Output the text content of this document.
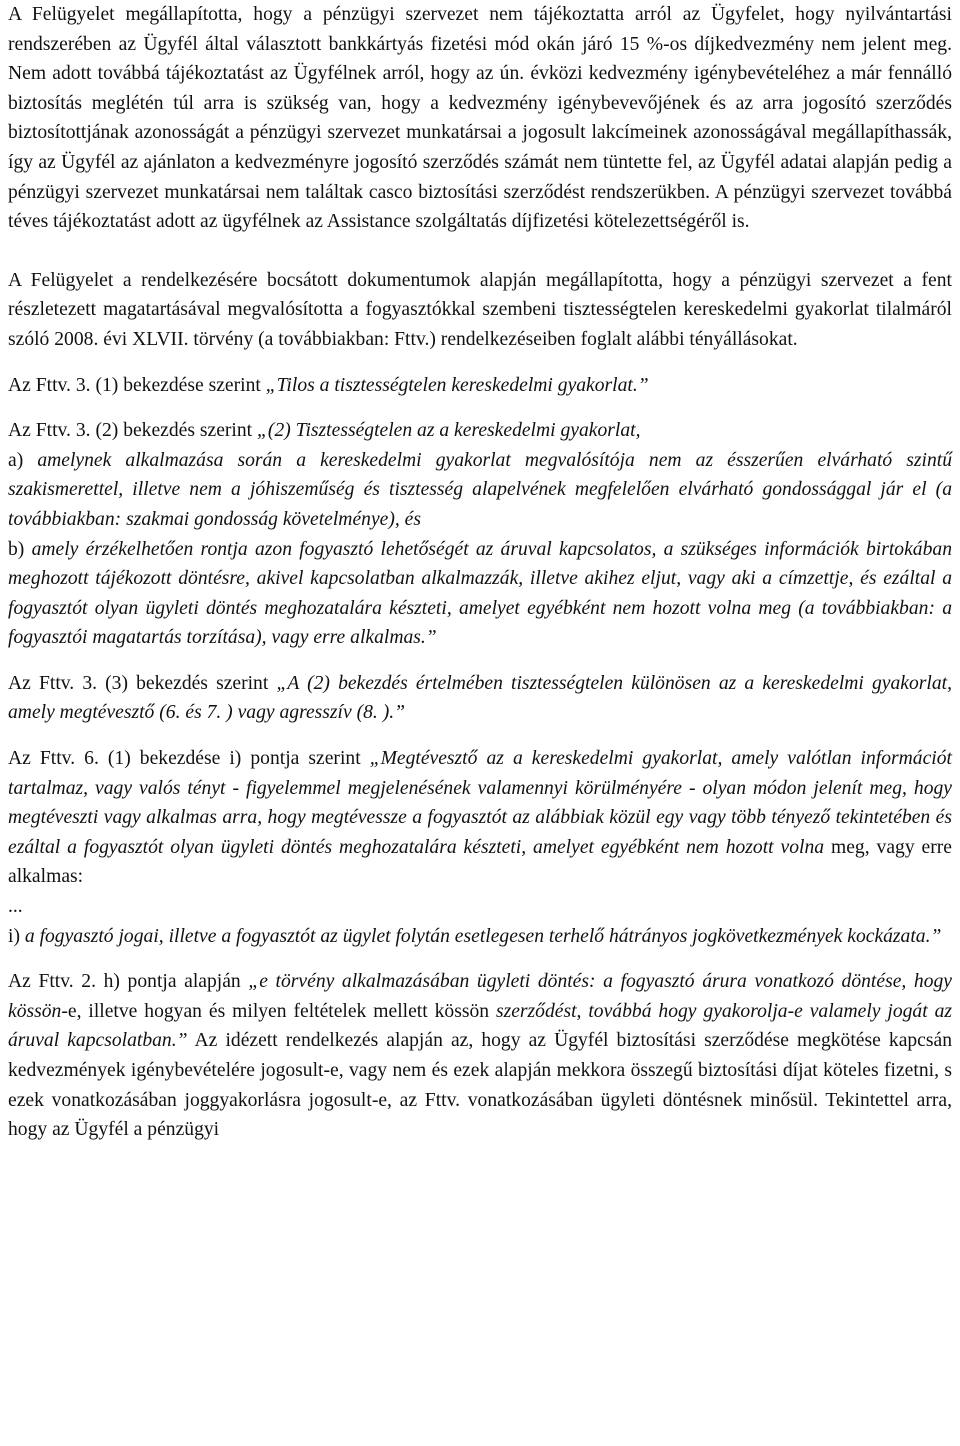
A Felügyelet megállapította, hogy a pénzügyi szervezet nem tájékoztatta arról az Ügyfelet, hogy nyilvántartási rendszerében az Ügyfél által választott bankkártyás fizetési mód okán járó 15 %-os díjkedvezmény nem jelent meg. Nem adott továbbá tájékoztatást az Ügyfélnek arról, hogy az ún. évközi kedvezmény igénybevételéhez a már fennálló biztosítás meglétén túl arra is szükség van, hogy a kedvezmény igénybevevőjének és az arra jogosító szerződés biztosítottjának azonosságát a pénzügyi szervezet munkatársai a jogosult lakcímeinek azonosságával megállapíthassák, így az Ügyfél az ajánlaton a kedvezményre jogosító szerződés számát nem tüntette fel, az Ügyfél adatai alapján pedig a pénzügyi szervezet munkatársai nem találtak casco biztosítási szerződést rendszerükben. A pénzügyi szervezet továbbá téves tájékoztatást adott az ügyfélnek az Assistance szolgáltatás díjfizetési kötelezettségéről is.

A Felügyelet a rendelkezésére bocsátott dokumentumok alapján megállapította, hogy a pénzügyi szervezet a fent részletezett magatartásával megvalósította a fogyasztókkal szembeni tisztességtelen kereskedelmi gyakorlat tilalmáról szóló 2008. évi XLVII. törvény (a továbbiakban: Fttv.) rendelkezéseiben foglalt alábbi tényállásokat.

Az Fttv. 3. (1) bekezdése szerint „Tilos a tisztességtelen kereskedelmi gyakorlat.”

Az Fttv. 3. (2) bekezdés szerint „(2) Tisztességtelen az a kereskedelmi gyakorlat,

a) amelynek alkalmazása során a kereskedelmi gyakorlat megvalósítója nem az ésszerűen elvárható szintű szakismerettel, illetve nem a jóhiszeműség és tisztesség alapelvének megfelelően elvárható gondossággal jár el (a továbbiakban: szakmai gondosság követelménye), és

b) amely érzékelhetően rontja azon fogyasztó lehetőségét az áruval kapcsolatos, a szükséges információk birtokában meghozott tájékozott döntésre, akivel kapcsolatban alkalmazzák, illetve akihez eljut, vagy aki a címzettje, és ezáltal a fogyasztót olyan ügyleti döntés meghozatalára készteti, amelyet egyébként nem hozott volna meg (a továbbiakban: a fogyasztói magatartás torzítása), vagy erre alkalmas.”

Az Fttv. 3. (3) bekezdés szerint „A (2) bekezdés értelmében tisztességtelen különösen az a kereskedelmi gyakorlat, amely megtévesztő (6. és 7. ) vagy agresszív (8. ).”

Az Fttv. 6. (1) bekezdése i) pontja szerint „Megtévesztő az a kereskedelmi gyakorlat, amely valótlan információt tartalmaz, vagy valós tényt - figyelemmel megjelenésének valamennyi körülményére - olyan módon jelenít meg, hogy megtéveszti vagy alkalmas arra, hogy megtévessze a fogyasztót az alábbiak közül egy vagy több tényező tekintetében és ezáltal a fogyasztót olyan ügyleti döntés meghozatalára készteti, amelyet egyébként nem hozott volna meg, vagy erre alkalmas:

...

i) a fogyasztó jogai, illetve a fogyasztót az ügylet folytán esetlegesen terhelő hátrányos jogkövetkezmények kockázata.”

Az Fttv. 2. h) pontja alapján „e törvény alkalmazásában ügyleti döntés: a fogyasztó árura vonatkozó döntése, hogy kössön-e, illetve hogyan és milyen feltételek mellett kössön szerződést, továbbá hogy gyakorolja-e valamely jogát az áruval kapcsolatban.” Az idézett rendelkezés alapján az, hogy az Ügyfél biztosítási szerződése megkötése kapcsán kedvezmények igénybevételére jogosult-e, vagy nem és ezek alapján mekkora összegű biztosítási díjat köteles fizetni, s ezek vonatkozásában joggyakorlásra jogosult-e, az Fttv. vonatkozásában ügyleti döntésnek minősül. Tekintettel arra, hogy az Ügyfél a pénzügyi
